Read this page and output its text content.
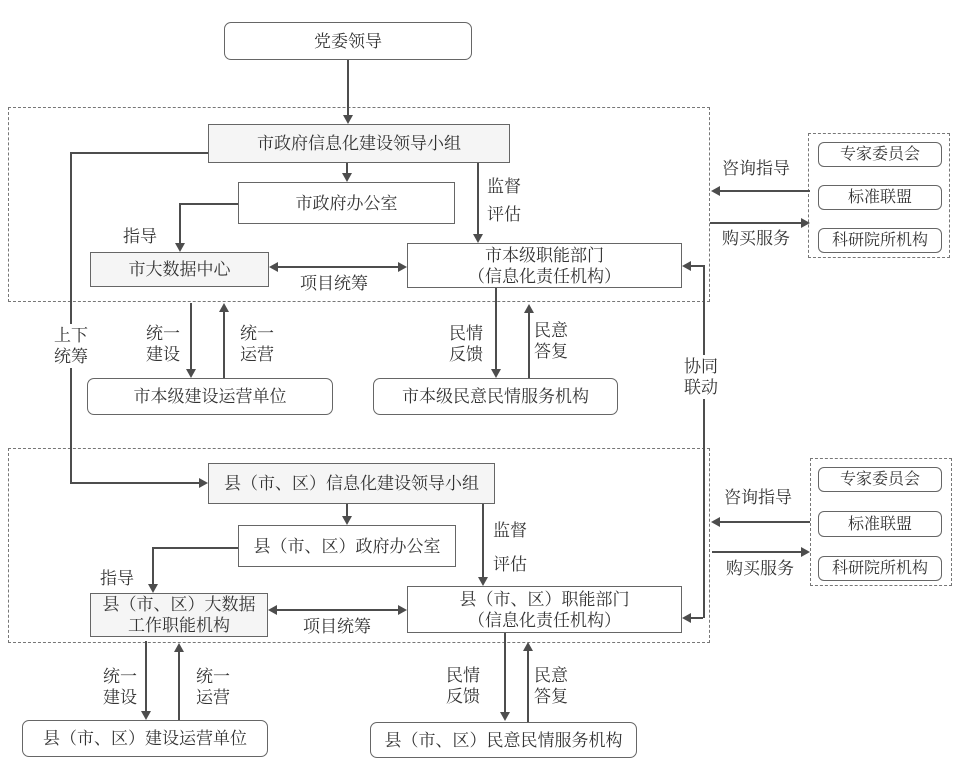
党委领导
市政府信息化建设领导小组
市政府办公室
市大数据中心
市本级职能部门
（信息化责任机构）
专家委员会
标准联盟
科研院所机构
市本级建设运营单位	市本级民意民情服务机构
县（市、区）信息化建设领导小组
县（市、区）政府办公室
县（市、区）大数据
工作职能机构
县（市、区）职能部门
（信息化责任机构）
专家委员会
标准联盟
科研院所机构
县（市、区）建设运营单位	县（市、区）民意民情服务机构
指导
监督
评估
项目统筹
咨询指导
购买服务
上下
统筹
统一
建设
统一
运营
民情
反馈
民意
答复
协同
联动
指导
监督
评估
项目统筹
咨询指导
购买服务
统一
建设
统一
运营
民情
反馈
民意
答复
